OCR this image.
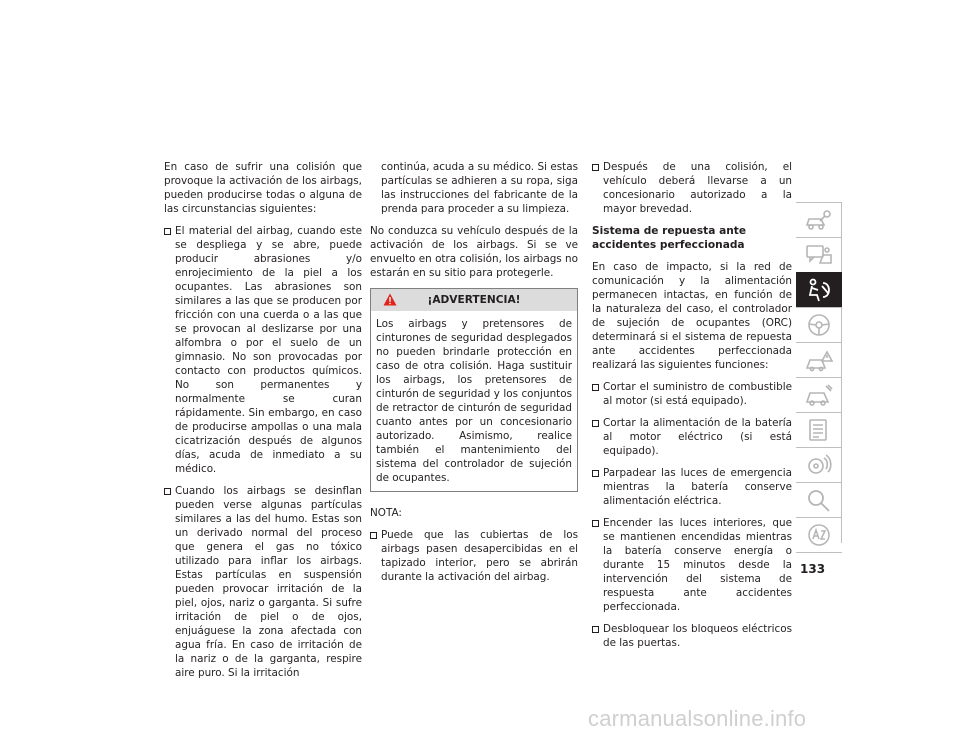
En caso de sufrir una colisión que provoque la activación de los airbags, pueden producirse todas o alguna de las circunstancias siguientes:

El material del airbag, cuando este se despliega y se abre, puede producir abrasiones y/o enrojecimiento de la piel a los ocupantes. Las abrasiones son similares a las que se producen por fricción con una cuerda o a las que se provocan al deslizarse por una alfombra o por el suelo de un gimnasio. No son provocadas por contacto con productos químicos. No son permanentes y normalmente se curan rápidamente. Sin embargo, en caso de producirse ampollas o una mala cicatrización después de algunos días, acuda de inmediato a su médico.
Cuando los airbags se desinflan pueden verse algunas partículas similares a las del humo. Estas son un derivado normal del proceso que genera el gas no tóxico utilizado para inflar los airbags. Estas partículas en suspensión pueden provocar irritación de la piel, ojos, nariz o garganta. Si sufre irritación de piel o de ojos, enjuáguese la zona afectada con agua fría. En caso de irritación de la nariz o de la garganta, respire aire puro. Si la irritación
continúa, acuda a su médico. Si estas partículas se adhieren a su ropa, siga las instrucciones del fabricante de la prenda para proceder a su limpieza.

No conduzca su vehículo después de la activación de los airbags. Si se ve envuelto en otra colisión, los airbags no estarán en su sitio para protegerle.

¡ADVERTENCIA!
Los airbags y pretensores de cinturones de seguridad desplegados no pueden brindarle protección en caso de otra colisión. Haga sustituir los airbags, los pretensores de cinturón de seguridad y los conjuntos de retractor de cinturón de seguridad cuanto antes por un concesionario autorizado. Asimismo, realice también el mantenimiento del sistema del controlador de sujeción de ocupantes.
NOTA:
Puede que las cubiertas de los airbags pasen desapercibidas en el tapizado interior, pero se abrirán durante la activación del airbag.
Después de una colisión, el vehículo deberá llevarse a un concesionario autorizado a la mayor brevedad.
Sistema de repuesta ante accidentes perfeccionada

En caso de impacto, si la red de comunicación y la alimentación permanecen intactas, en función de la naturaleza del caso, el controlador de sujeción de ocupantes (ORC) determinará si el sistema de repuesta ante accidentes perfeccionada realizará las siguientes funciones:

Cortar el suministro de combustible al motor (si está equipado).
Cortar la alimentación de la batería al motor eléctrico (si está equipado).
Parpadear las luces de emergencia mientras la batería conserve alimentación eléctrica.
Encender las luces interiores, que se mantienen encendidas mientras la batería conserve energía o durante 15 minutos desde la intervención del sistema de respuesta ante accidentes perfeccionada.
Desbloquear los bloqueos eléctricos de las puertas.
133
carmanualsonline.info
